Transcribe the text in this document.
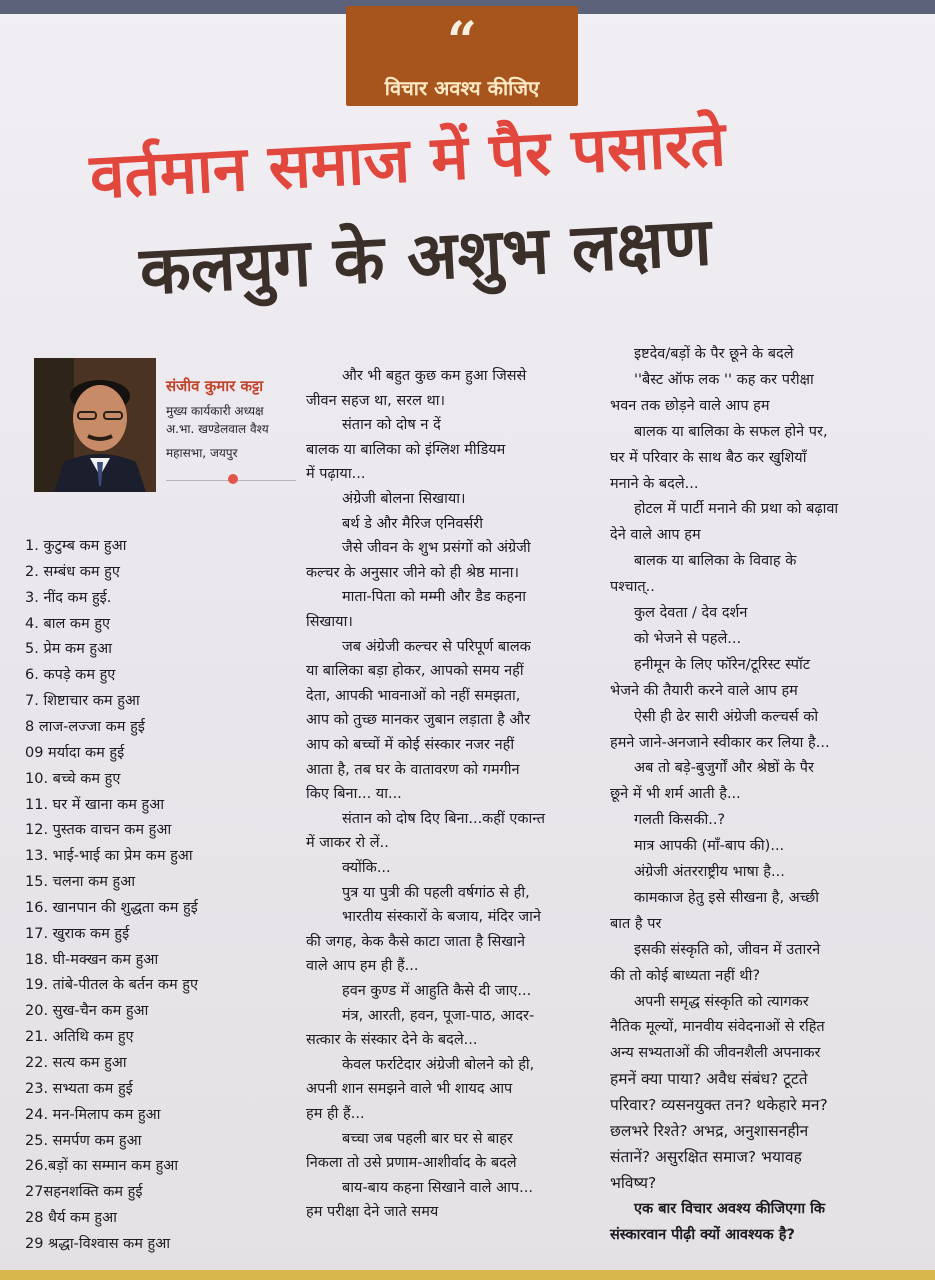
“
विचार अवश्य कीजिए
वर्तमान समाज में पैर पसारते
कलयुग के अशुभ लक्षण
संजीव कुमार कट्टा
मुख्य कार्यकारी अध्यक्ष
अ.भा. खण्डेलवाल वैश्य
महासभा, जयपुर
1. कुटुम्ब कम हुआ
2. सम्बंध कम हुए
3. नींद कम हुई.
4. बाल कम हुए
5. प्रेम कम हुआ
6. कपड़े कम हुए
7. शिष्टाचार कम हुआ
8 लाज-लज्जा कम हुई
09 मर्यादा कम हुई
10. बच्चे कम हुए
11. घर में खाना कम हुआ
12. पुस्तक वाचन कम हुआ
13. भाई-भाई का प्रेम कम हुआ
15. चलना कम हुआ
16. खानपान की शुद्धता कम हुई
17. खुराक कम हुई
18. घी-मक्खन कम हुआ
19. तांबे-पीतल के बर्तन कम हुए
20. सुख-चैन कम हुआ
21. अतिथि कम हुए
22. सत्य कम हुआ
23. सभ्यता कम हुई
24. मन-मिलाप कम हुआ
25. समर्पण कम हुआ
26.बड़ों का सम्मान कम हुआ
27सहनशक्ति कम हुई
28 धैर्य कम हुआ
29 श्रद्धा-विश्वास कम हुआ
और भी बहुत कुछ कम हुआ जिससे
जीवन सहज था, सरल था।
संतान को दोष न दें
बालक या बालिका को इंग्लिश मीडियम
में पढ़ाया...
अंग्रेजी बोलना सिखाया।
बर्थ डे और मैरिज एनिवर्सरी
जैसे जीवन के शुभ प्रसंगों को अंग्रेजी
कल्चर के अनुसार जीने को ही श्रेष्ठ माना।
माता-पिता को मम्मी और डैड कहना
सिखाया।
जब अंग्रेजी कल्चर से परिपूर्ण बालक
या बालिका बड़ा होकर, आपको समय नहीं
देता, आपकी भावनाओं को नहीं समझता,
आप को तुच्छ मानकर जुबान लड़ाता है और
आप को बच्चों में कोई संस्कार नजर नहीं
आता है, तब घर के वातावरण को गमगीन
किए बिना... या...
संतान को दोष दिए बिना...कहीं एकान्त
में जाकर रो लें..
क्योंकि...
पुत्र या पुत्री की पहली वर्षगांठ से ही,
भारतीय संस्कारों के बजाय, मंदिर जाने
की जगह, केक कैसे काटा जाता है सिखाने
वाले आप हम ही हैं...
हवन कुण्ड में आहुति कैसे दी जाए...
मंत्र, आरती, हवन, पूजा-पाठ, आदर-
सत्कार के संस्कार देने के बदले...
केवल फर्राटेदार अंग्रेजी बोलने को ही,
अपनी शान समझने वाले भी शायद आप
हम ही हैं...
बच्चा जब पहली बार घर से बाहर
निकला तो उसे प्रणाम-आशीर्वाद के बदले
बाय-बाय कहना सिखाने वाले आप...
हम परीक्षा देने जाते समय
इष्टदेव/बड़ों के पैर छूने के बदले
''बैस्ट ऑफ लक '' कह कर परीक्षा
भवन तक छोड़ने वाले आप हम
बालक या बालिका के सफल होने पर,
घर में परिवार के साथ बैठ कर खुशियाँ
मनाने के बदले...
होटल में पार्टी मनाने की प्रथा को बढ़ावा
देने वाले आप हम
बालक या बालिका के विवाह के
पश्चात्..
कुल देवता / देव दर्शन
को भेजने से पहले...
हनीमून के लिए फॉरेन/टूरिस्ट स्पॉट
भेजने की तैयारी करने वाले आप हम
ऐसी ही ढेर सारी अंग्रेजी कल्चर्स को
हमने जाने-अनजाने स्वीकार कर लिया है...
अब तो बड़े-बुजुर्गों और श्रेष्ठों के पैर
छूने में भी शर्म आती है...
गलती किसकी..?
मात्र आपकी (माँ-बाप की)...
अंग्रेजी अंतरराष्ट्रीय भाषा है...
कामकाज हेतु इसे सीखना है, अच्छी
बात है पर
इसकी संस्कृति को, जीवन में उतारने
की तो कोई बाध्यता नहीं थी?
अपनी समृद्ध संस्कृति को त्यागकर
नैतिक मूल्यों, मानवीय संवेदनाओं से रहित
अन्य सभ्यताओं की जीवनशैली अपनाकर
हमनें क्या पाया? अवैध संबंध? टूटते
परिवार? व्यसनयुक्त तन? थकेहारे मन?
छलभरे रिश्ते? अभद्र, अनुशासनहीन
संतानें? असुरक्षित समाज? भयावह
भविष्य?
एक बार विचार अवश्य कीजिएगा कि
संस्कारवान पीढ़ी क्यों आवश्यक है?
